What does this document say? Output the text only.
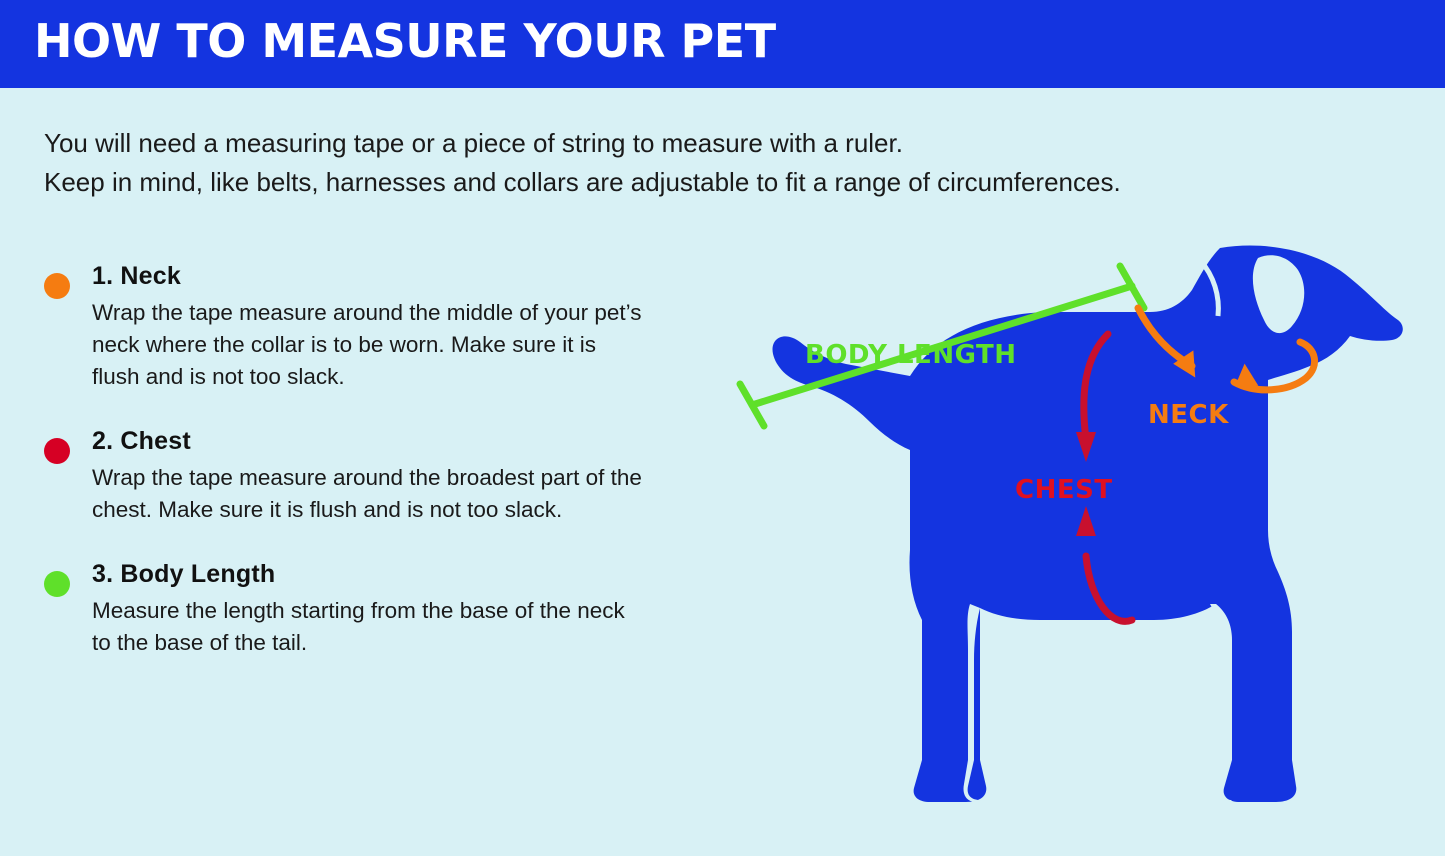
HOW TO MEASURE YOUR PET
You will need a measuring tape or a piece of string to measure with a ruler.
Keep in mind, like belts, harnesses and collars are adjustable to fit a range of circumferences.
1. Neck
Wrap the tape measure around the middle of your pet’s neck where the collar is to be worn. Make sure it is flush and is not too slack.
2. Chest
Wrap the tape measure around the broadest part of the chest. Make sure it is flush and is not too slack.
3. Body Length
Measure the length starting from the base of the neck to the base of the tail.
BODY LENGTH
NECK
CHEST
